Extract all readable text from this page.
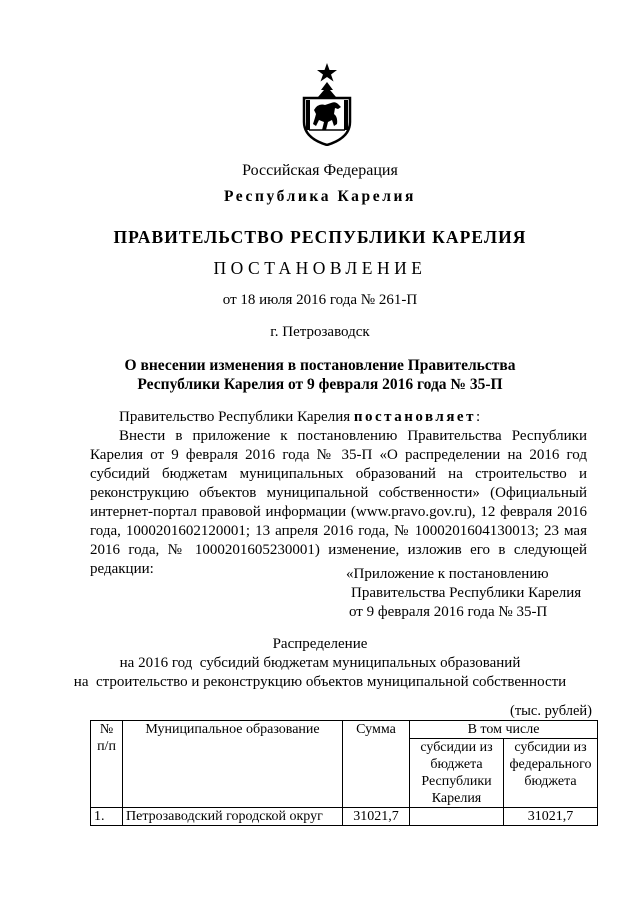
Российская Федерация
Республика Карелия
ПРАВИТЕЛЬСТВО РЕСПУБЛИКИ КАРЕЛИЯ
ПОСТАНОВЛЕНИЕ
от 18 июля 2016 года № 261-П
г. Петрозаводск
О внесении изменения в постановление Правительства
Республики Карелия от 9 февраля 2016 года № 35-П
Правительство Республики Карелия постановляет:
Внести в приложение к постановлению Правительства Республики Карелия от 9 февраля 2016 года № 35-П «О распределении на 2016 год субсидий бюджетам муниципальных образований на строительство и реконструкцию объектов муниципальной собственности» (Официальный интернет-портал правовой информации (www.pravo.gov.ru), 12 февраля 2016 года, 1000201602120001; 13 апреля 2016 года, № 1000201604130013; 23 мая 2016 года, № 1000201605230001) изменение, изложив его в следующей редакции:	«Приложение к постановлению
Правительства Республики Карелия
от 9 февраля 2016 года № 35-П
Распределение
на 2016 год  субсидий бюджетам муниципальных образований
на  строительство и реконструкцию объектов муниципальной собственности
(тыс. рублей)
№ п/п	Муниципальное образование	Сумма	В том числе	
			субсидии из бюджета Республики Карелия	субсидии из федерального бюджета
1.	Петрозаводский городской округ	31021,7		31021,7
